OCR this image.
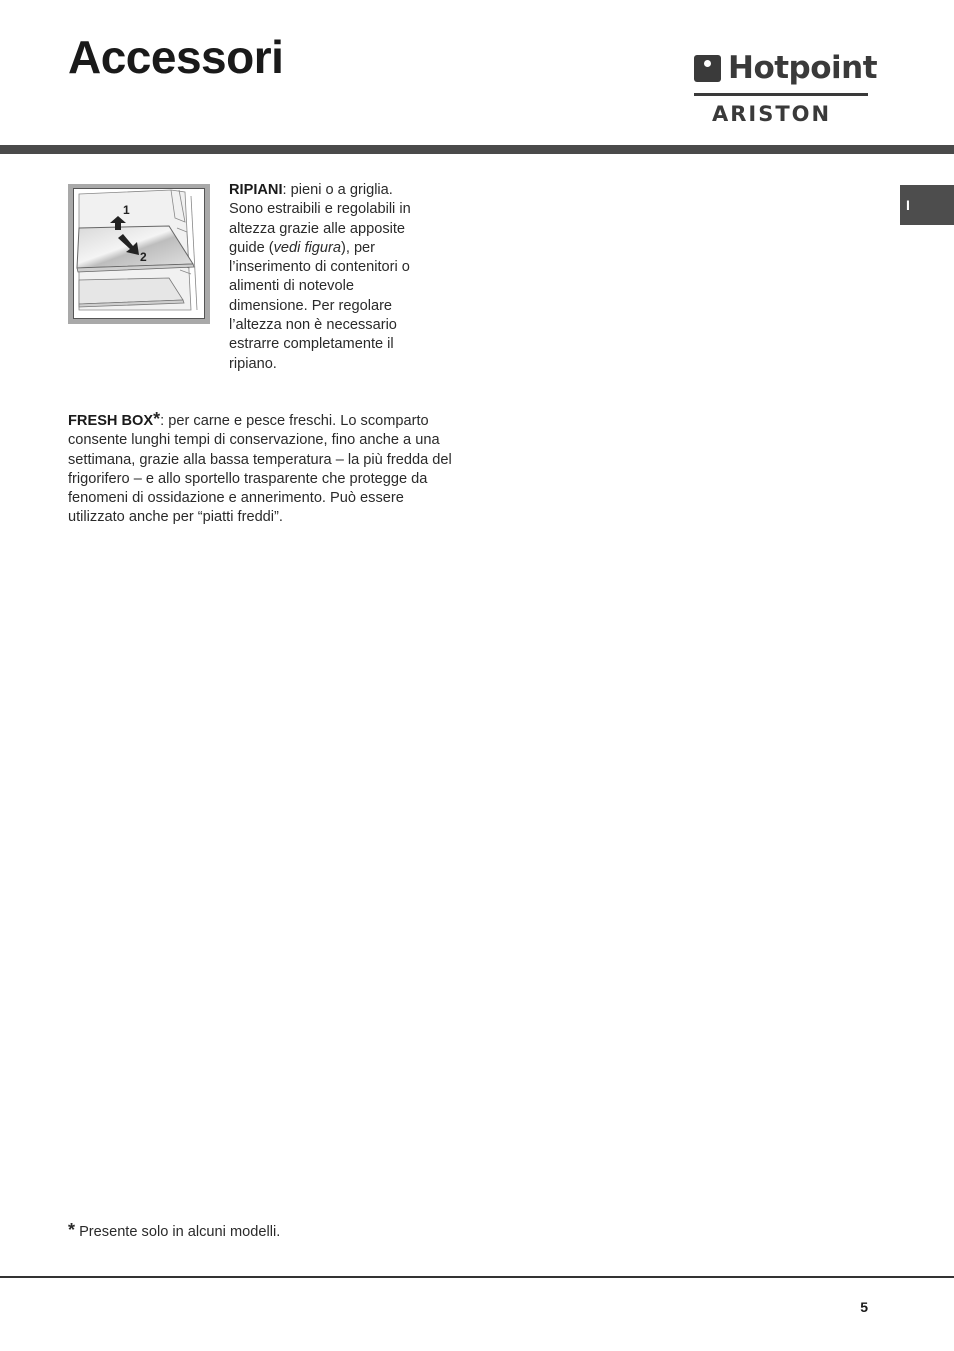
Accessori	Hotpoint
ARISTON
I
1
2

RIPIANI: pieni o a griglia. Sono estraibili e regolabili in altezza grazie alle apposite guide (vedi figura), per l’inserimento di contenitori o alimenti di notevole dimensione. Per regolare l’altezza non è necessario estrarre completamente il ripiano.

FRESH BOX*: per carne e pesce freschi. Lo scomparto consente lunghi tempi di conservazione, fino anche a una settimana, grazie alla bassa temperatura – la più fredda del frigorifero – e allo sportello trasparente che protegge da fenomeni di ossidazione e annerimento. Può essere utilizzato anche per “piatti freddi”.

* Presente solo in alcuni modelli.

5
